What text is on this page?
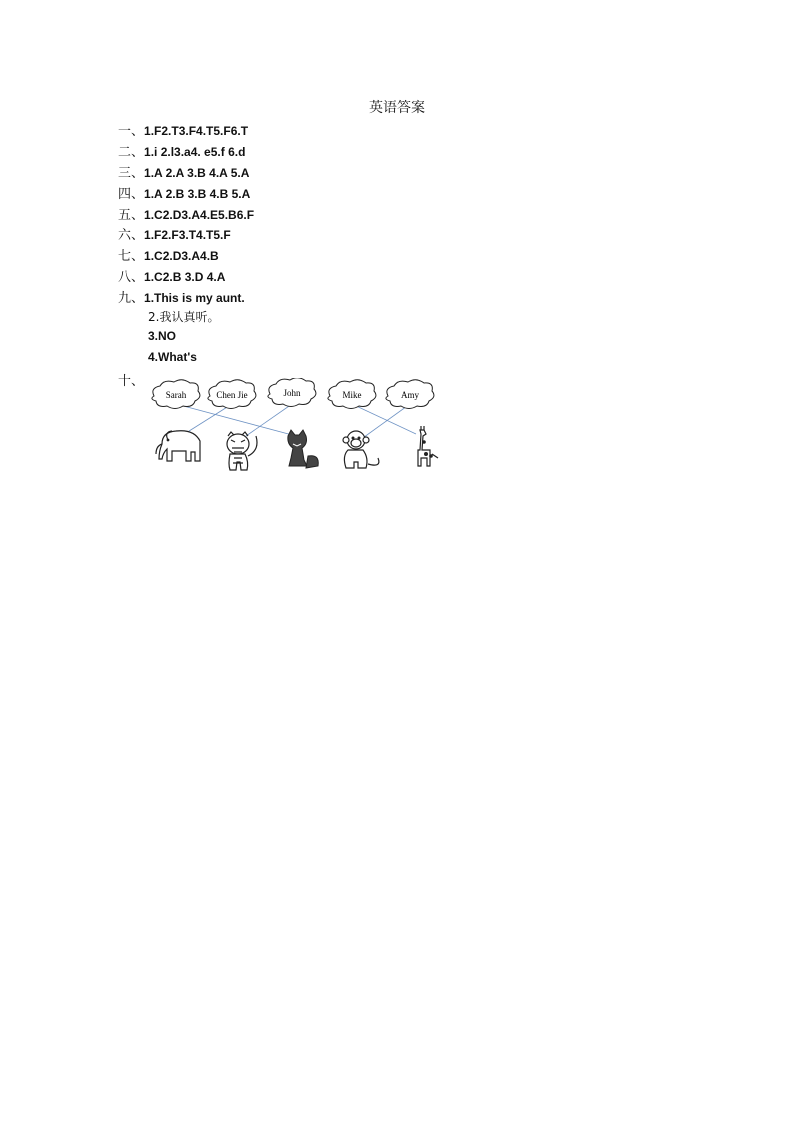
英语答案
一、1.F2.T3.F4.T5.F6.T
二、1.i 2.l3.a4. e5.f 6.d
三、1.A 2.A 3.B 4.A 5.A
四、1.A 2.B 3.B 4.B 5.A
五、1.C2.D3.A4.E5.B6.F
六、1.F2.F3.T4.T5.F
七、1.C2.D3.A4.B
八、1.C2.B 3.D 4.A
九、1.This is my aunt.
2.我认真听。
3.NO
4.What's
十、
Sarah	Chen Jie	John	Mike	Amy
